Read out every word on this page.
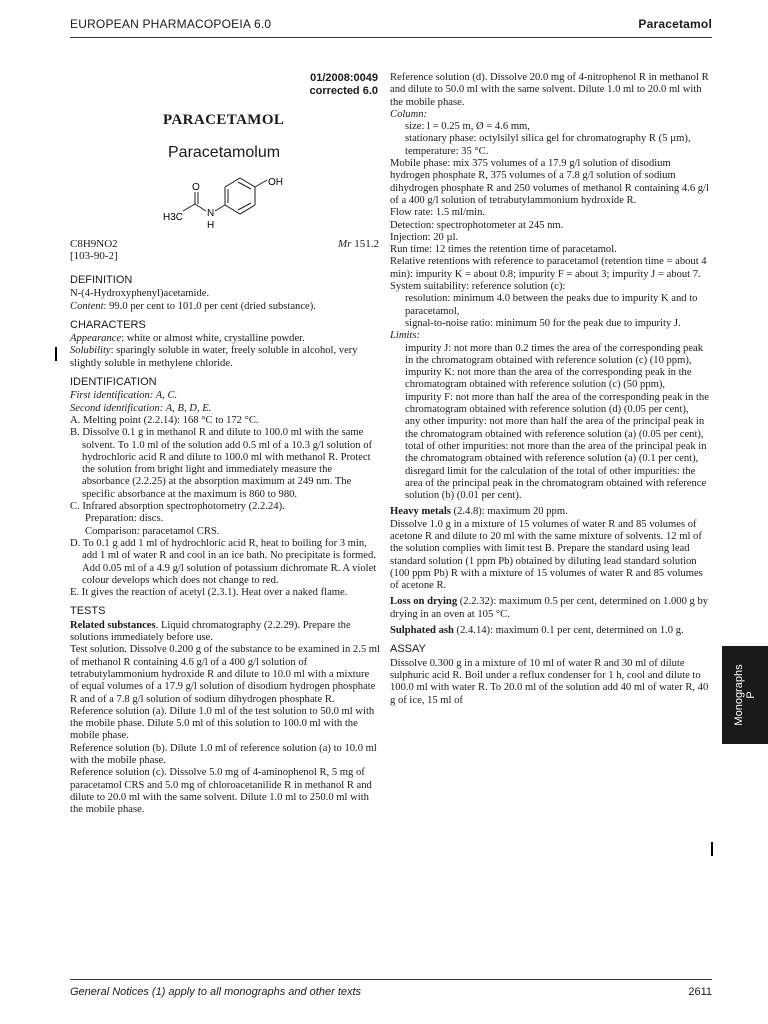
EUROPEAN PHARMACOPOEIA 6.0	Paracetamol
01/2008:0049
corrected 6.0
PARACETAMOL
Paracetamolum
OH
O
N
H
H3C
C8H9NO2
[103-90-2]
Mr 151.2

DEFINITION

N-(4-Hydroxyphenyl)acetamide.

Content: 99.0 per cent to 101.0 per cent (dried substance).

CHARACTERS

Appearance: white or almost white, crystalline powder.

Solubility: sparingly soluble in water, freely soluble in alcohol, very slightly soluble in methylene chloride.

IDENTIFICATION

First identification: A, C.

Second identification: A, B, D, E.

A. Melting point (2.2.14): 168 °C to 172 °C.

B. Dissolve 0.1 g in methanol R and dilute to 100.0 ml with the same solvent. To 1.0 ml of the solution add 0.5 ml of a 10.3 g/l solution of hydrochloric acid R and dilute to 100.0 ml with methanol R. Protect the solution from bright light and immediately measure the absorbance (2.2.25) at the absorption maximum at 249 nm. The specific absorbance at the maximum is 860 to 980.

C. Infrared absorption spectrophotometry (2.2.24).

Preparation: discs.

Comparison: paracetamol CRS.

D. To 0.1 g add 1 ml of hydrochloric acid R, heat to boiling for 3 min, add 1 ml of water R and cool in an ice bath. No precipitate is formed. Add 0.05 ml of a 4.9 g/l solution of potassium dichromate R. A violet colour develops which does not change to red.

E. It gives the reaction of acetyl (2.3.1). Heat over a naked flame.

TESTS

Related substances. Liquid chromatography (2.2.29). Prepare the solutions immediately before use.

Test solution. Dissolve 0.200 g of the substance to be examined in 2.5 ml of methanol R containing 4.6 g/l of a 400 g/l solution of tetrabutylammonium hydroxide R and dilute to 10.0 ml with a mixture of equal volumes of a 17.9 g/l solution of disodium hydrogen phosphate R and of a 7.8 g/l solution of sodium dihydrogen phosphate R.

Reference solution (a). Dilute 1.0 ml of the test solution to 50.0 ml with the mobile phase. Dilute 5.0 ml of this solution to 100.0 ml with the mobile phase.

Reference solution (b). Dilute 1.0 ml of reference solution (a) to 10.0 ml with the mobile phase.

Reference solution (c). Dissolve 5.0 mg of 4-aminophenol R, 5 mg of paracetamol CRS and 5.0 mg of chloroacetanilide R in methanol R and dilute to 20.0 ml with the same solvent. Dilute 1.0 ml to 250.0 ml with the mobile phase.

Reference solution (d). Dissolve 20.0 mg of 4-nitrophenol R in methanol R and dilute to 50.0 ml with the same solvent. Dilute 1.0 ml to 20.0 ml with the mobile phase.

Column:

size: l = 0.25 m, Ø = 4.6 mm,

stationary phase: octylsilyl silica gel for chromatography R (5 µm),

temperature: 35 °C.

Mobile phase: mix 375 volumes of a 17.9 g/l solution of disodium hydrogen phosphate R, 375 volumes of a 7.8 g/l solution of sodium dihydrogen phosphate R and 250 volumes of methanol R containing 4.6 g/l of a 400 g/l solution of tetrabutylammonium hydroxide R.

Flow rate: 1.5 ml/min.

Detection: spectrophotometer at 245 nm.

Injection: 20 µl.

Run time: 12 times the retention time of paracetamol.

Relative retentions with reference to paracetamol (retention time = about 4 min): impurity K = about 0.8; impurity F = about 3; impurity J = about 7.

System suitability: reference solution (c):

resolution: minimum 4.0 between the peaks due to impurity K and to paracetamol,

signal-to-noise ratio: minimum 50 for the peak due to impurity J.

Limits:

impurity J: not more than 0.2 times the area of the corresponding peak in the chromatogram obtained with reference solution (c) (10 ppm),

impurity K: not more than the area of the corresponding peak in the chromatogram obtained with reference solution (c) (50 ppm),

impurity F: not more than half the area of the corresponding peak in the chromatogram obtained with reference solution (d) (0.05 per cent),

any other impurity: not more than half the area of the principal peak in the chromatogram obtained with reference solution (a) (0.05 per cent),

total of other impurities: not more than the area of the principal peak in the chromatogram obtained with reference solution (a) (0.1 per cent),

disregard limit for the calculation of the total of other impurities: the area of the principal peak in the chromatogram obtained with reference solution (b) (0.01 per cent).

Heavy metals (2.4.8): maximum 20 ppm.

Dissolve 1.0 g in a mixture of 15 volumes of water R and 85 volumes of acetone R and dilute to 20 ml with the same mixture of solvents. 12 ml of the solution complies with limit test B. Prepare the standard using lead standard solution (1 ppm Pb) obtained by diluting lead standard solution (100 ppm Pb) R with a mixture of 15 volumes of water R and 85 volumes of acetone R.

Loss on drying (2.2.32): maximum 0.5 per cent, determined on 1.000 g by drying in an oven at 105 °C.

Sulphated ash (2.4.14): maximum 0.1 per cent, determined on 1.0 g.

ASSAY

Dissolve 0.300 g in a mixture of 10 ml of water R and 30 ml of dilute sulphuric acid R. Boil under a reflux condenser for 1 h, cool and dilute to 100.0 ml with water R. To 20.0 ml of the solution add 40 ml of water R, 40 g of ice, 15 ml of	Monographs P
General Notices (1) apply to all monographs and other texts	2611
